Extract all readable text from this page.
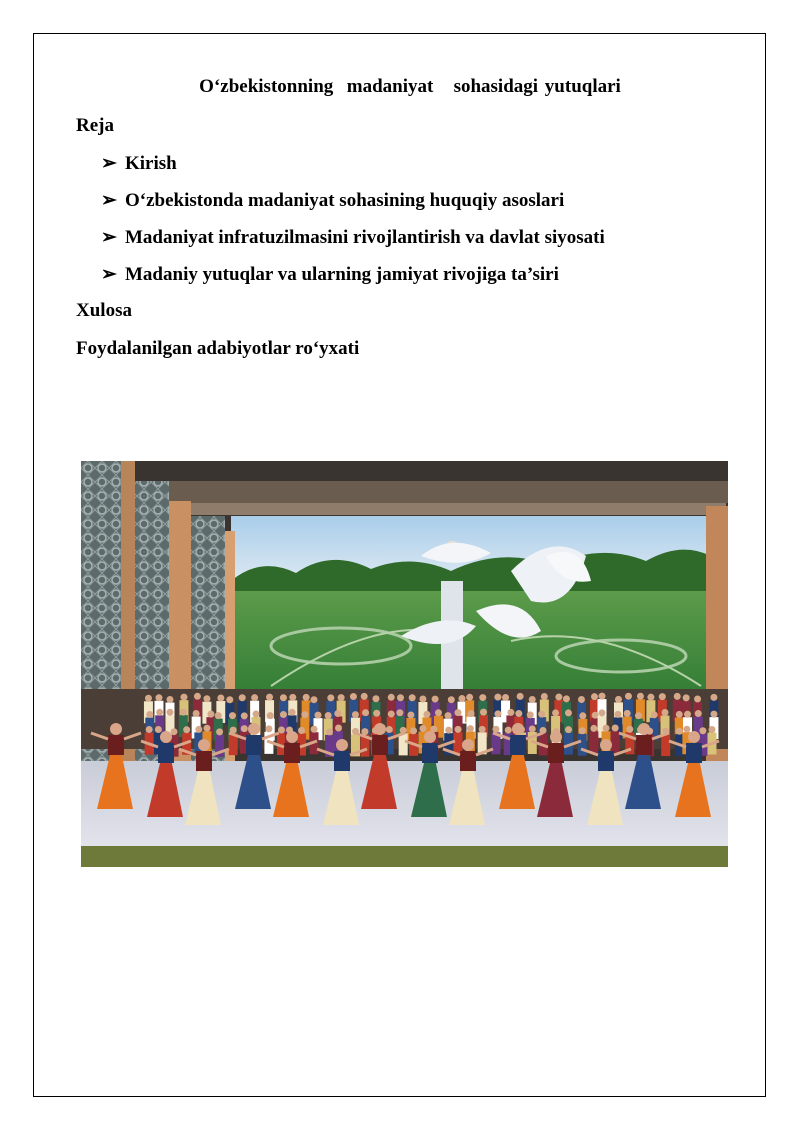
O‘zbekistonning  madaniyat   sohasidagi yutuqlari
Reja
➢ Kirish
➢ O‘zbekistonda madaniyat sohasining huquqiy asoslari
➢ Madaniyat infratuzilmasini rivojlantirish va davlat siyosati
➢ Madaniy yutuqlar va ularning jamiyat rivojiga ta’siri
Xulosa
Foydalanilgan adabiyotlar ro‘yxati
